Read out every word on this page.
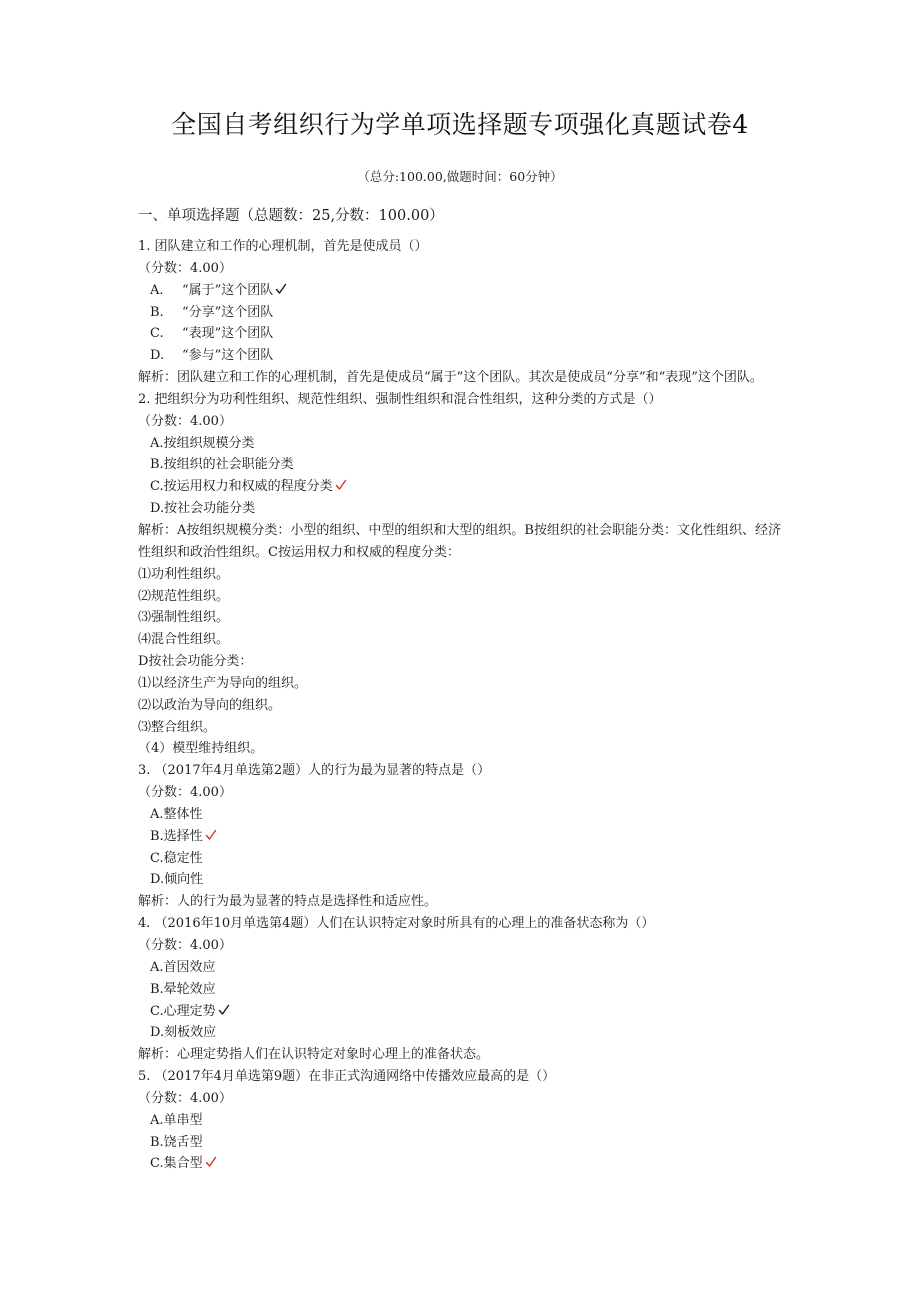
全国自考组织行为学单项选择题专项强化真题试卷4
（总分:100.00,做题时间：60分钟）
一、单项选择题（总题数：25,分数：100.00）
1. 团队建立和工作的心理机制，首先是使成员（）
（分数：4.00）
A. “属于”这个团队
B. “分享”这个团队
C. “表现”这个团队
D. “参与”这个团队
解析：团队建立和工作的心理机制，首先是使成员“属于”这个团队。其次是使成员“分享”和“表现”这个团队。
2. 把组织分为功利性组织、规范性组织、强制性组织和混合性组织，这种分类的方式是（）
（分数：4.00）
A.按组织规模分类
B.按组织的社会职能分类
C.按运用权力和权威的程度分类
D.按社会功能分类
解析：A按组织规模分类：小型的组织、中型的组织和大型的组织。B按组织的社会职能分类：文化性组织、经济性组织和政治性组织。C按运用权力和权威的程度分类：
⑴功利性组织。
⑵规范性组织。
⑶强制性组织。
⑷混合性组织。
D按社会功能分类：
⑴以经济生产为导向的组织。
⑵以政治为导向的组织。
⑶整合组织。
（4）模型维持组织。
3. （2017年4月单选第2题）人的行为最为显著的特点是（）
（分数：4.00）
A.整体性
B.选择性
C.稳定性
D.倾向性
解析：人的行为最为显著的特点是选择性和适应性。
4. （2016年10月单选第4题）人们在认识特定对象时所具有的心理上的准备状态称为（）
（分数：4.00）
A.首因效应
B.晕轮效应
C.心理定势
D.刻板效应
解析：心理定势指人们在认识特定对象时心理上的准备状态。
5. （2017年4月单选第9题）在非正式沟通网络中传播效应最高的是（）
（分数：4.00）
A.单串型
B.饶舌型
C.集合型
